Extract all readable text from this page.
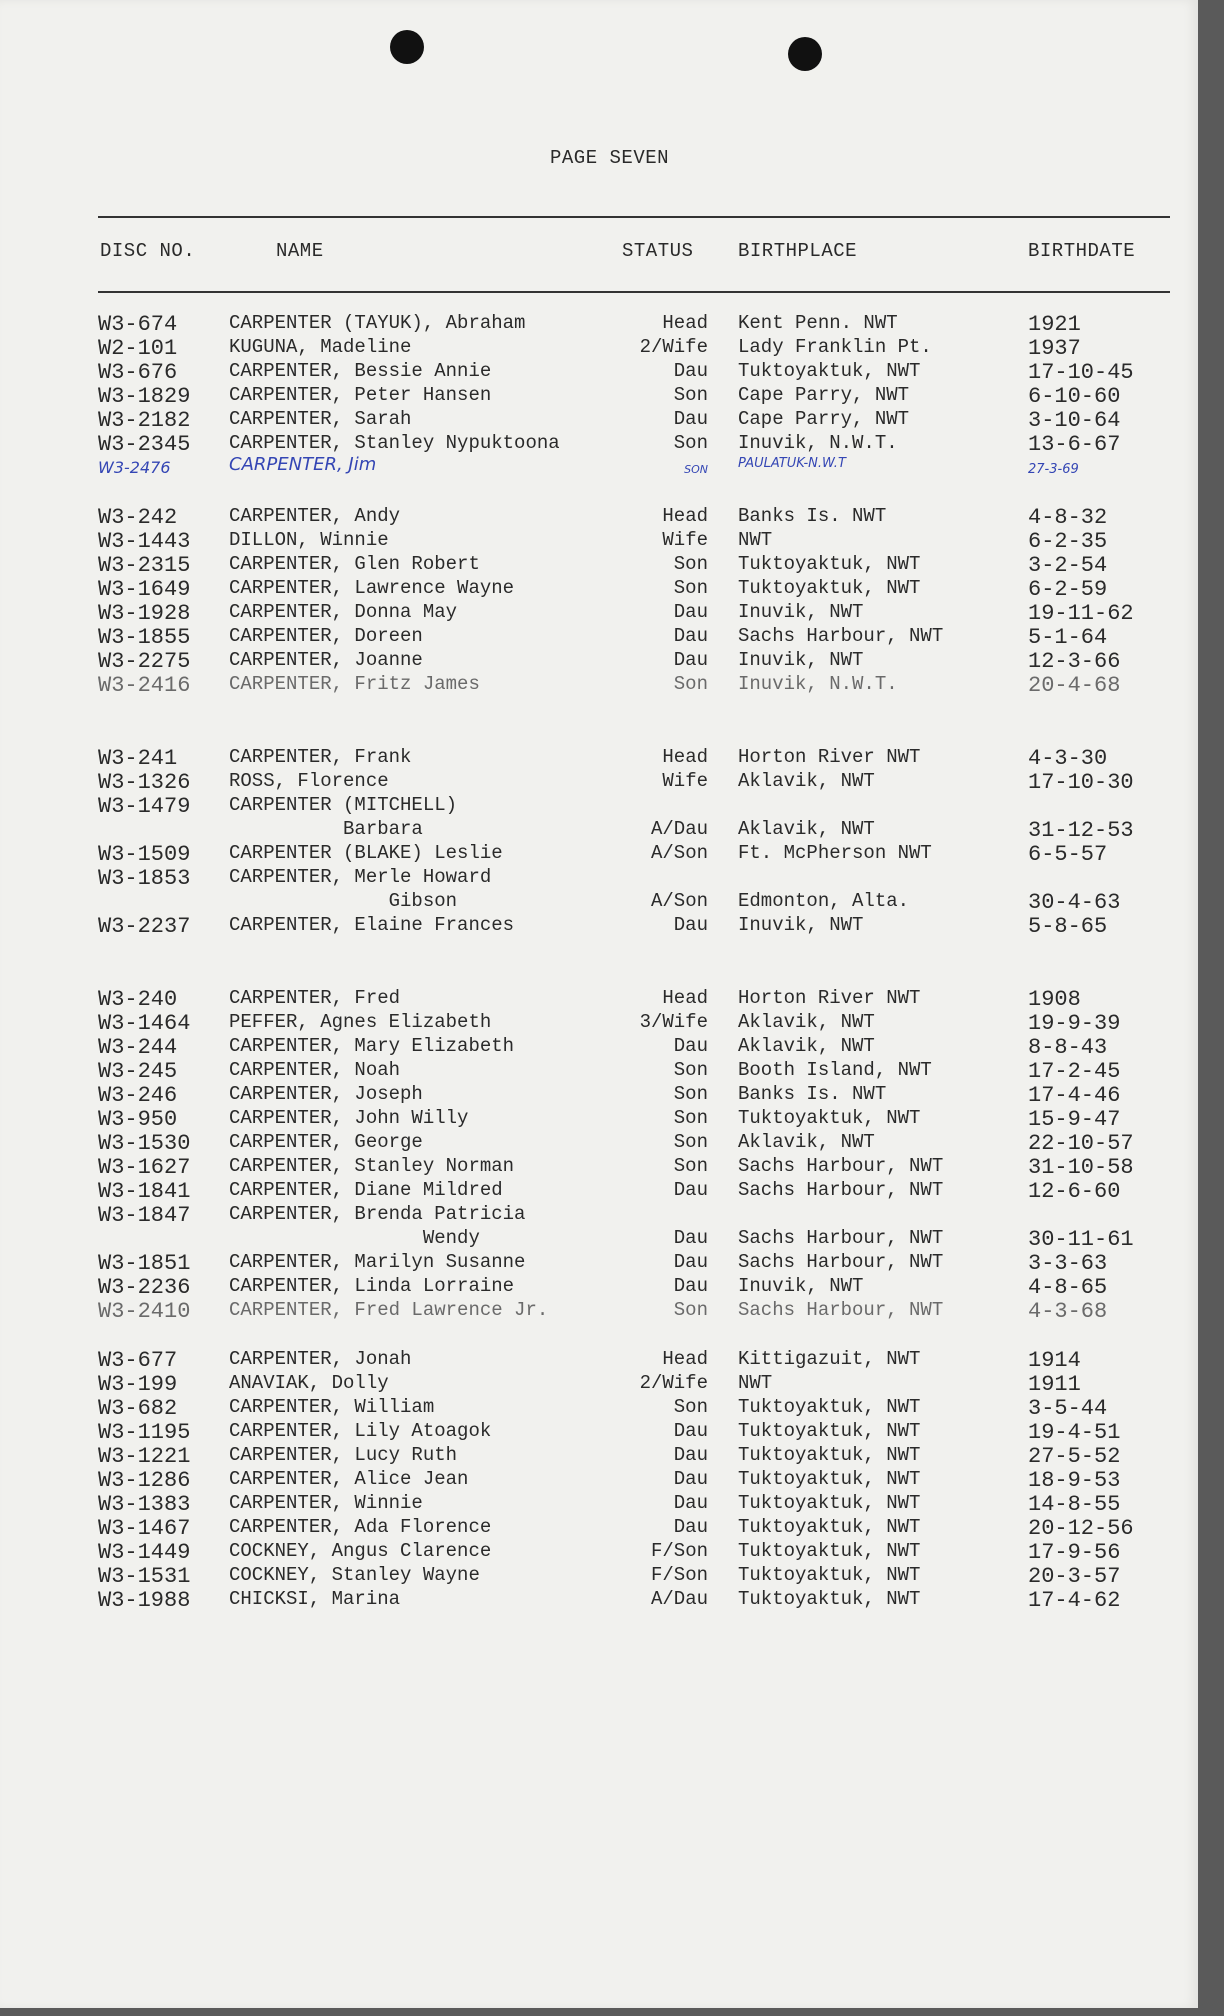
PAGE SEVEN
DISC NO.	NAME	STATUS BIRTHPLACE	BIRTHDATE
W3-674	CARPENTER (TAYUK), Abraham	Head Kent Penn. NWT	1921
W2-101	KUGUNA, Madeline	2/Wife Lady Franklin Pt.	1937
W3-676	CARPENTER, Bessie Annie	Dau Tuktoyaktuk, NWT	17-10-45
W3-1829 CARPENTER, Peter Hansen	Son Cape Parry, NWT	6-10-60
W3-2182 CARPENTER, Sarah	Dau Cape Parry, NWT	3-10-64
W3-2345 CARPENTER, Stanley Nypuktoona	Son Inuvik, N.W.T.	13-6-67
W3-2476	CARPENTER, Jim	SON PAULATUK-N.W.T	27-3-69
W3-242	CARPENTER, Andy	Head Banks Is. NWT	4-8-32
W3-1443 DILLON, Winnie	Wife NWT	6-2-35
W3-2315 CARPENTER, Glen Robert	Son Tuktoyaktuk, NWT	3-2-54
W3-1649 CARPENTER, Lawrence Wayne	Son Tuktoyaktuk, NWT	6-2-59
W3-1928 CARPENTER, Donna May	Dau Inuvik, NWT	19-11-62
W3-1855 CARPENTER, Doreen	Dau Sachs Harbour, NWT	5-1-64
W3-2275 CARPENTER, Joanne	Dau Inuvik, NWT	12-3-66
W3-2416 CARPENTER, Fritz James	Son Inuvik, N.W.T.	20-4-68
W3-241	CARPENTER, Frank	Head Horton River NWT	4-3-30
W3-1326 ROSS, Florence	Wife Aklavik, NWT	17-10-30
W3-1479 CARPENTER (MITCHELL)
Barbara	A/Dau Aklavik, NWT	31-12-53
W3-1509 CARPENTER (BLAKE) Leslie	A/Son Ft. McPherson NWT	6-5-57
W3-1853 CARPENTER, Merle Howard
Gibson	A/Son Edmonton, Alta.	30-4-63
W3-2237 CARPENTER, Elaine Frances	Dau Inuvik, NWT	5-8-65
W3-240	CARPENTER, Fred	Head Horton River NWT	1908
W3-1464 PEFFER, Agnes Elizabeth	3/Wife Aklavik, NWT	19-9-39
W3-244	CARPENTER, Mary Elizabeth	Dau Aklavik, NWT	8-8-43
W3-245	CARPENTER, Noah	Son Booth Island, NWT	17-2-45
W3-246	CARPENTER, Joseph	Son Banks Is. NWT	17-4-46
W3-950	CARPENTER, John Willy	Son Tuktoyaktuk, NWT	15-9-47
W3-1530 CARPENTER, George	Son Aklavik, NWT	22-10-57
W3-1627 CARPENTER, Stanley Norman	Son Sachs Harbour, NWT	31-10-58
W3-1841 CARPENTER, Diane Mildred	Dau Sachs Harbour, NWT	12-6-60
W3-1847 CARPENTER, Brenda Patricia
Wendy	Dau Sachs Harbour, NWT	30-11-61
W3-1851 CARPENTER, Marilyn Susanne	Dau Sachs Harbour, NWT	3-3-63
W3-2236 CARPENTER, Linda Lorraine	Dau Inuvik, NWT	4-8-65
W3-2410 CARPENTER, Fred Lawrence Jr.	Son Sachs Harbour, NWT	4-3-68
W3-677	CARPENTER, Jonah	Head Kittigazuit, NWT	1914
W3-199	ANAVIAK, Dolly	2/Wife NWT	1911
W3-682	CARPENTER, William	Son Tuktoyaktuk, NWT	3-5-44
W3-1195 CARPENTER, Lily Atoagok	Dau Tuktoyaktuk, NWT	19-4-51
W3-1221 CARPENTER, Lucy Ruth	Dau Tuktoyaktuk, NWT	27-5-52
W3-1286 CARPENTER, Alice Jean	Dau Tuktoyaktuk, NWT	18-9-53
W3-1383 CARPENTER, Winnie	Dau Tuktoyaktuk, NWT	14-8-55
W3-1467 CARPENTER, Ada Florence	Dau Tuktoyaktuk, NWT	20-12-56
W3-1449 COCKNEY, Angus Clarence	F/Son Tuktoyaktuk, NWT	17-9-56
W3-1531 COCKNEY, Stanley Wayne	F/Son Tuktoyaktuk, NWT	20-3-57
W3-1988 CHICKSI, Marina	A/Dau Tuktoyaktuk, NWT	17-4-62
